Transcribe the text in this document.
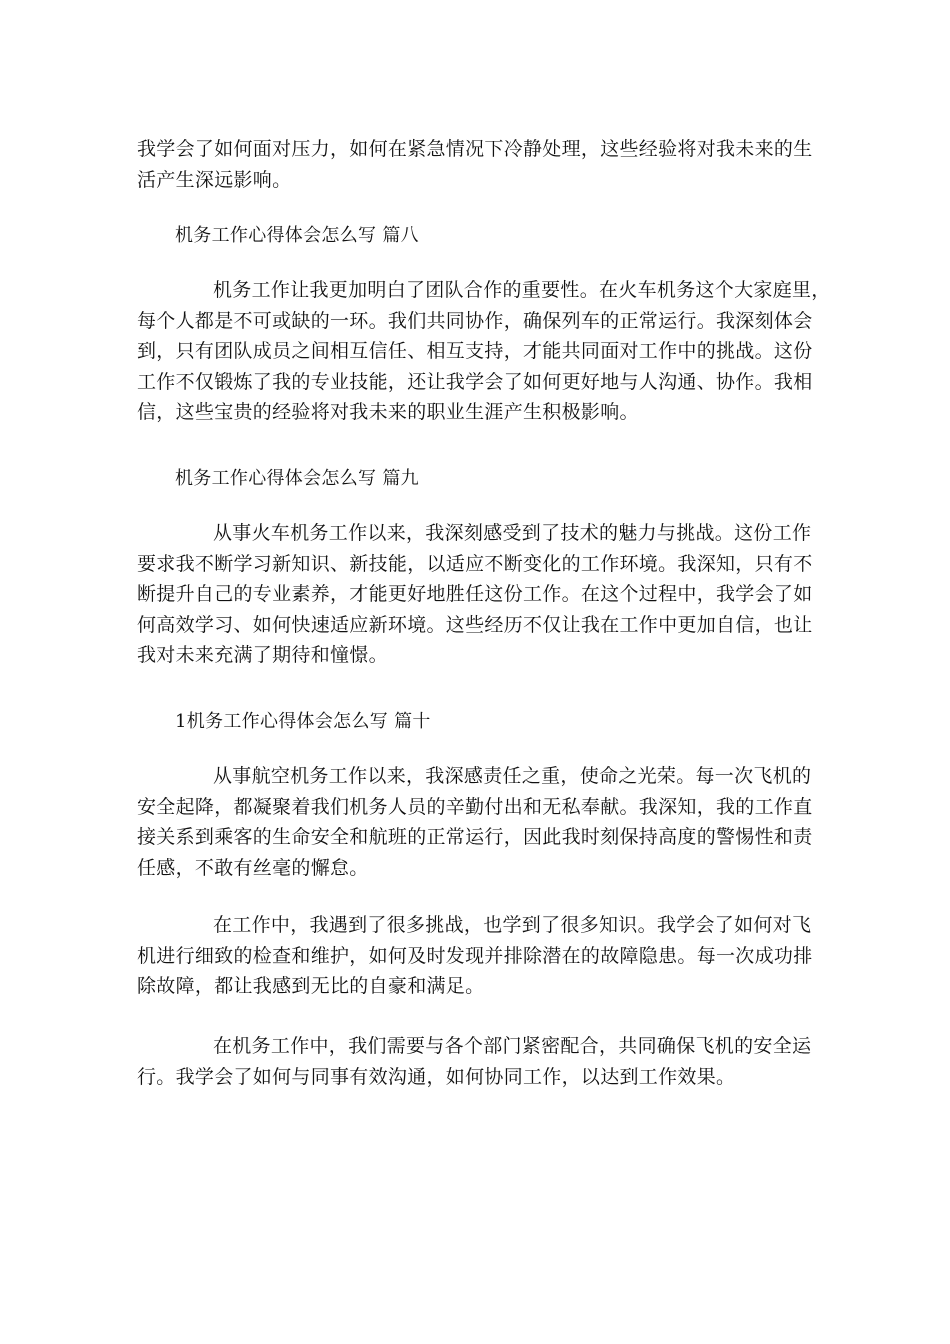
我学会了如何面对压力，如何在紧急情况下冷静处理，这些经验将对我未来的生
活产生深远影响。
机务工作心得体会怎么写 篇八
机务工作让我更加明白了团队合作的重要性。在火车机务这个大家庭里，
每个人都是不可或缺的一环。我们共同协作，确保列车的正常运行。我深刻体会
到，只有团队成员之间相互信任、相互支持，才能共同面对工作中的挑战。这份
工作不仅锻炼了我的专业技能，还让我学会了如何更好地与人沟通、协作。我相
信，这些宝贵的经验将对我未来的职业生涯产生积极影响。
机务工作心得体会怎么写 篇九
从事火车机务工作以来，我深刻感受到了技术的魅力与挑战。这份工作
要求我不断学习新知识、新技能，以适应不断变化的工作环境。我深知，只有不
断提升自己的专业素养，才能更好地胜任这份工作。在这个过程中，我学会了如
何高效学习、如何快速适应新环境。这些经历不仅让我在工作中更加自信，也让
我对未来充满了期待和憧憬。
1机务工作心得体会怎么写 篇十
从事航空机务工作以来，我深感责任之重，使命之光荣。每一次飞机的
安全起降，都凝聚着我们机务人员的辛勤付出和无私奉献。我深知，我的工作直
接关系到乘客的生命安全和航班的正常运行，因此我时刻保持高度的警惕性和责
任感，不敢有丝毫的懈怠。
在工作中，我遇到了很多挑战，也学到了很多知识。我学会了如何对飞
机进行细致的检查和维护，如何及时发现并排除潜在的故障隐患。每一次成功排
除故障，都让我感到无比的自豪和满足。
在机务工作中，我们需要与各个部门紧密配合，共同确保飞机的安全运
行。我学会了如何与同事有效沟通，如何协同工作，以达到工作效果。
